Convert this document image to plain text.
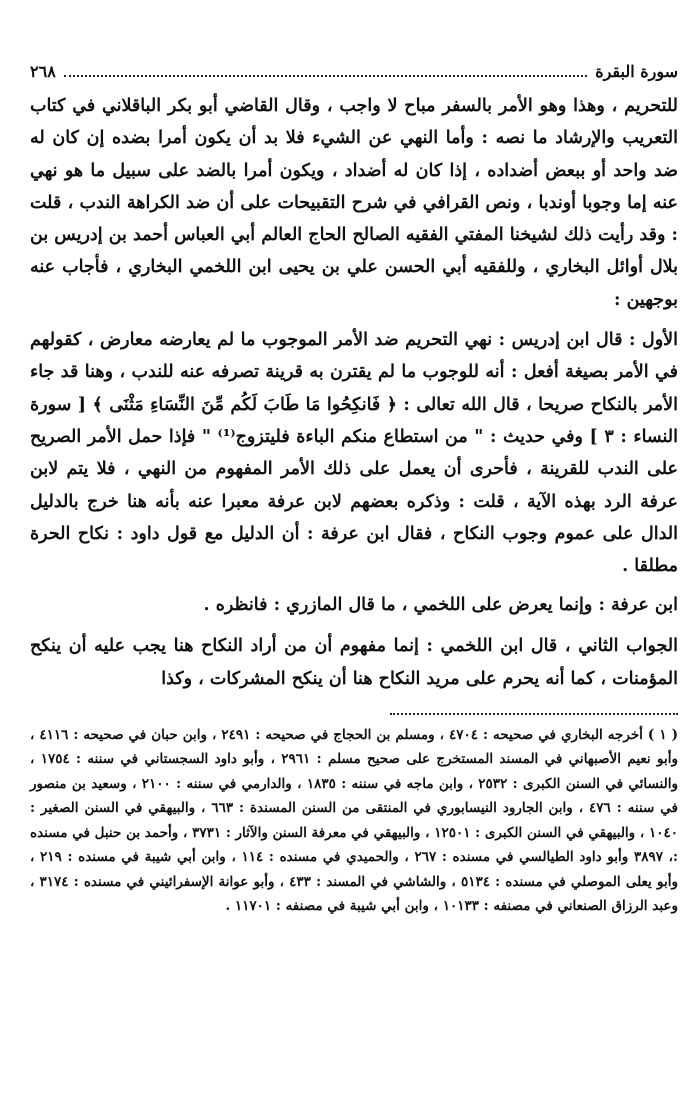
سورة البقرة
٢٦٨

للتحريم ، وهذا وهو الأمر بالسفر مباح لا واجب ، وقال القاضي أبو بكر الباقلاني في كتاب التعريب والإرشاد ما نصه : وأما النهي عن الشيء فلا بد أن يكون أمرا بضده إن كان له ضد واحد أو ببعض أضداده ، إذا كان له أضداد ، ويكون أمرا بالضد على سبيل ما هو نهي عنه إما وجوبا أوندبا ، ونص القرافي في شرح التقبيحات على أن ضد الكراهة الندب ، قلت : وقد رأيت ذلك لشيخنا المفتي الفقيه الصالح الحاج العالم أبي العباس أحمد بن إدريس بن بلال أوائل البخاري ، وللفقيه أبي الحسن علي بن يحيى ابن اللخمي البخاري ، فأجاب عنه بوجهين :

الأول : قال ابن إدريس : نهي التحريم ضد الأمر الموجوب ما لم يعارضه معارض ، كقولهم في الأمر بصيغة أفعل : أنه للوجوب ما لم يقترن به قرينة تصرفه عنه للندب ، وهنا قد جاء الأمر بالنكاح صريحا ، قال الله تعالى : ﴿ فَانكِحُوا مَا طَابَ لَكُم مِّنَ النِّسَاءِ مَثْنَى ﴾ [ سورة النساء : ٣ ] وفي حديث : " من استطاع منكم الباءة فليتزوج⁽¹⁾ " فإذا حمل الأمر الصريح على الندب للقرينة ، فأحرى أن يعمل على ذلك الأمر المفهوم من النهي ، فلا يتم لابن عرفة الرد بهذه الآية ، قلت : وذكره بعضهم لابن عرفة معبرا عنه بأنه هنا خرج بالدليل الدال على عموم وجوب النكاح ، فقال ابن عرفة : أن الدليل مع قول داود : نكاح الحرة مطلقا .

ابن عرفة : وإنما يعرض على اللخمي ، ما قال المازري : فانظره .

الجواب الثاني ، قال ابن اللخمي : إنما مفهوم أن من أراد النكاح هنا يجب عليه أن ينكح المؤمنات ، كما أنه يحرم على مريد النكاح هنا أن ينكح المشركات ، وكذا

( ١ ) أخرجه البخاري في صحيحه : ٤٧٠٤ ، ومسلم بن الحجاج في صحيحه : ٢٤٩١ ، وابن حبان في صحيحه : ٤١١٦ ، وأبو نعيم الأصبهاني في المسند المستخرج على صحيح مسلم : ٢٩٦١ ، وأبو داود السجستاني في سننه : ١٧٥٤ ، والنسائي في السنن الكبرى : ٢٥٣٢ ، وابن ماجه في سننه : ١٨٣٥ ، والدارمي في سننه : ٢١٠٠ ، وسعيد بن منصور في سننه : ٤٧٦ ، وابن الجارود النيسابوري في المنتقى من السنن المسندة : ٦٦٣ ، والبيهقي في السنن الصغير : ١٠٤٠ ، والبيهقي في السنن الكبرى : ١٢٥٠١ ، والبيهقي في معرفة السنن والآثار : ٣٧٣١ ، وأحمد بن حنبل في مسنده :، ٣٨٩٧ وأبو داود الطيالسي في مسنده : ٢٦٧ ، والحميدي في مسنده : ١١٤ ، وابن أبي شيبة في مسنده : ٢١٩ ، وأبو يعلى الموصلي في مسنده : ٥١٣٤ ، والشاشي في المسند : ٤٣٣ ، وأبو عوانة الإسفرائيني في مسنده : ٣١٧٤ ، وعبد الرزاق الصنعاني في مصنفه : ١٠١٣٣ ، وابن أبي شيبة في مصنفه : ١١٧٠١ .
